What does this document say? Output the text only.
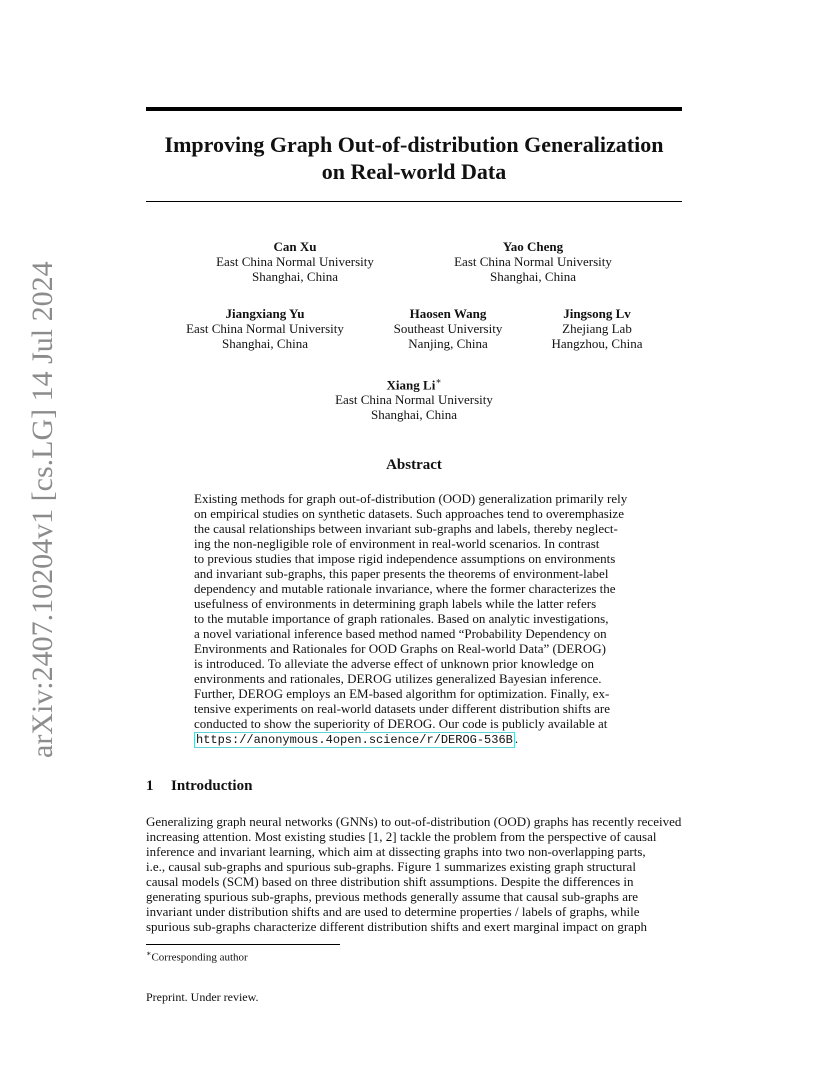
arXiv:2407.10204v1 [cs.LG] 14 Jul 2024
Improving Graph Out-of-distribution Generalization
on Real-world Data
Can Xu
East China Normal University
Shanghai, China
Yao Cheng
East China Normal University
Shanghai, China
Jiangxiang Yu
East China Normal University
Shanghai, China
Haosen Wang
Southeast University
Nanjing, China
Jingsong Lv
Zhejiang Lab
Hangzhou, China
Xiang Li∗
East China Normal University
Shanghai, China
Abstract
Existing methods for graph out-of-distribution (OOD) generalization primarily rely
on empirical studies on synthetic datasets. Such approaches tend to overemphasize
the causal relationships between invariant sub-graphs and labels, thereby neglect-
ing the non-negligible role of environment in real-world scenarios. In contrast
to previous studies that impose rigid independence assumptions on environments
and invariant sub-graphs, this paper presents the theorems of environment-label
dependency and mutable rationale invariance, where the former characterizes the
usefulness of environments in determining graph labels while the latter refers
to the mutable importance of graph rationales. Based on analytic investigations,
a novel variational inference based method named “Probability Dependency on
Environments and Rationales for OOD Graphs on Real-world Data” (DEROG)
is introduced. To alleviate the adverse effect of unknown prior knowledge on
environments and rationales, DEROG utilizes generalized Bayesian inference.
Further, DEROG employs an EM-based algorithm for optimization. Finally, ex-
tensive experiments on real-world datasets under different distribution shifts are
conducted to show the superiority of DEROG. Our code is publicly available at
https://anonymous.4open.science/r/DEROG-536B .
1 Introduction
Generalizing graph neural networks (GNNs) to out-of-distribution (OOD) graphs has recently received
increasing attention. Most existing studies [1, 2] tackle the problem from the perspective of causal
inference and invariant learning, which aim at dissecting graphs into two non-overlapping parts,
i.e., causal sub-graphs and spurious sub-graphs. Figure 1 summarizes existing graph structural
causal models (SCM) based on three distribution shift assumptions. Despite the differences in
generating spurious sub-graphs, previous methods generally assume that causal sub-graphs are
invariant under distribution shifts and are used to determine properties / labels of graphs, while
spurious sub-graphs characterize different distribution shifts and exert marginal impact on graph
∗Corresponding author
Preprint. Under review.
